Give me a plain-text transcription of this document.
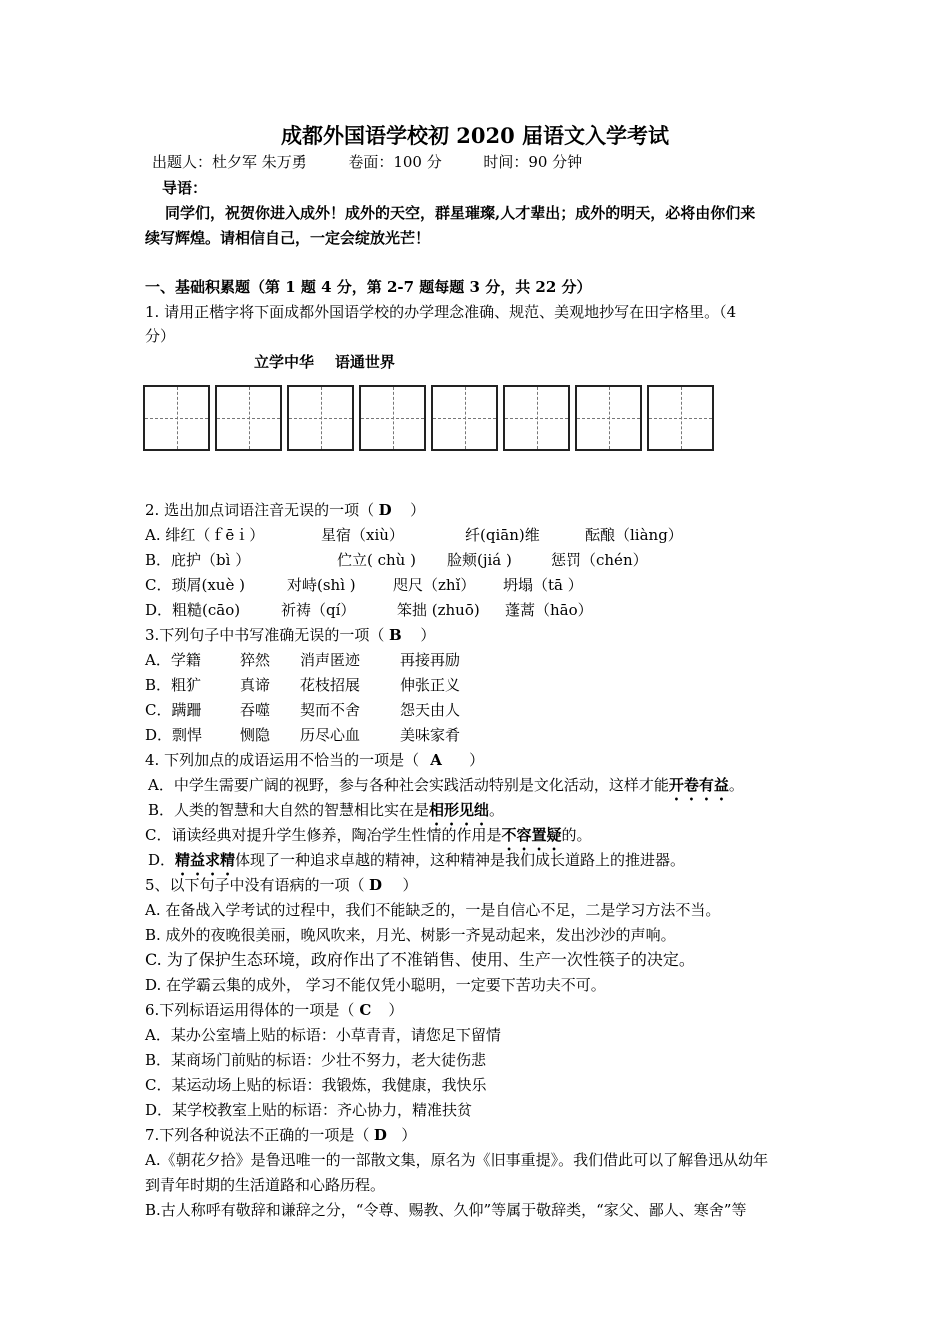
成都外国语学校初 2020 届语文入学考试
出题人：杜夕军 朱万勇	卷面：100 分	时间：90 分钟
导语：
同学们，祝贺你进入成外！成外的天空，群星璀璨,人才辈出；成外的明天，必将由你们来
续写辉煌。请相信自己，一定会绽放光芒！
一、基础积累题（第 1 题 4 分，第 2-7 题每题 3 分，共 22 分）
1. 请用正楷字将下面成都外国语学校的办学理念准确、规范、美观地抄写在田字格里。（4
分）
立学中华    语通世界
2. 选出加点词语注音无误的一项（ D ）
A. 绯红（ｆēｉ）	星宿（xiù）	纤(qiān)维	酝酿（liàng）
B．庇护（bì ）	伫立( chù ) 脸颊(jiá )	惩罚（chén）
C．琐屑(xuè )	对峙(shì ) 咫尺（zhǐ） 坍塌（tā ）
D．粗糙(cāo)	祈祷（qí）	笨拙 (zhuō) 蓬蒿（hāo）
3.下列句子中书写准确无误的一项（ B ）
A．学籍	猝然 消声匿迹	再接再励
B．粗犷	真谛 花枝招展	伸张正义
C．蹒跚	吞噬 契而不舍	怨天由人
D．剽悍	恻隐 历尽心血	美味家肴
4. 下列加点的成语运用不恰当的一项是（ A ）
A．中学生需要广阔的视野，参与各种社会实践活动特别是文化活动，这样才能开卷有益。
B．人类的智慧和大自然的智慧相比实在是相形见绌。
C．诵读经典对提升学生修养，陶冶学生性情的作用是不容置疑的。
D．精益求精体现了一种追求卓越的精神，这种精神是我们成长道路上的推进器。
5、以下句子中没有语病的一项（ D ）
A. 在备战入学考试的过程中，我们不能缺乏的，一是自信心不足，二是学习方法不当。
B. 成外的夜晚很美丽，晚风吹来，月光、树影一齐晃动起来，发出沙沙的声响。
C. 为了保护生态环境，政府作出了不准销售、使用、生产一次性筷子的决定。
D. 在学霸云集的成外， 学习不能仅凭小聪明，一定要下苦功夫不可。
6.下列标语运用得体的一项是（ C ）
A．某办公室墙上贴的标语：小草青青，请您足下留情
B．某商场门前贴的标语：少壮不努力，老大徒伤悲
C．某运动场上贴的标语：我锻炼，我健康，我快乐
D．某学校教室上贴的标语：齐心协力，精准扶贫
7.下列各种说法不正确的一项是（ D ）
A.《朝花夕拾》是鲁迅唯一的一部散文集，原名为《旧事重提》。我们借此可以了解鲁迅从幼年
到青年时期的生活道路和心路历程。
B.古人称呼有敬辞和谦辞之分，“令尊、赐教、久仰”等属于敬辞类，“家父、鄙人、寒舍”等
